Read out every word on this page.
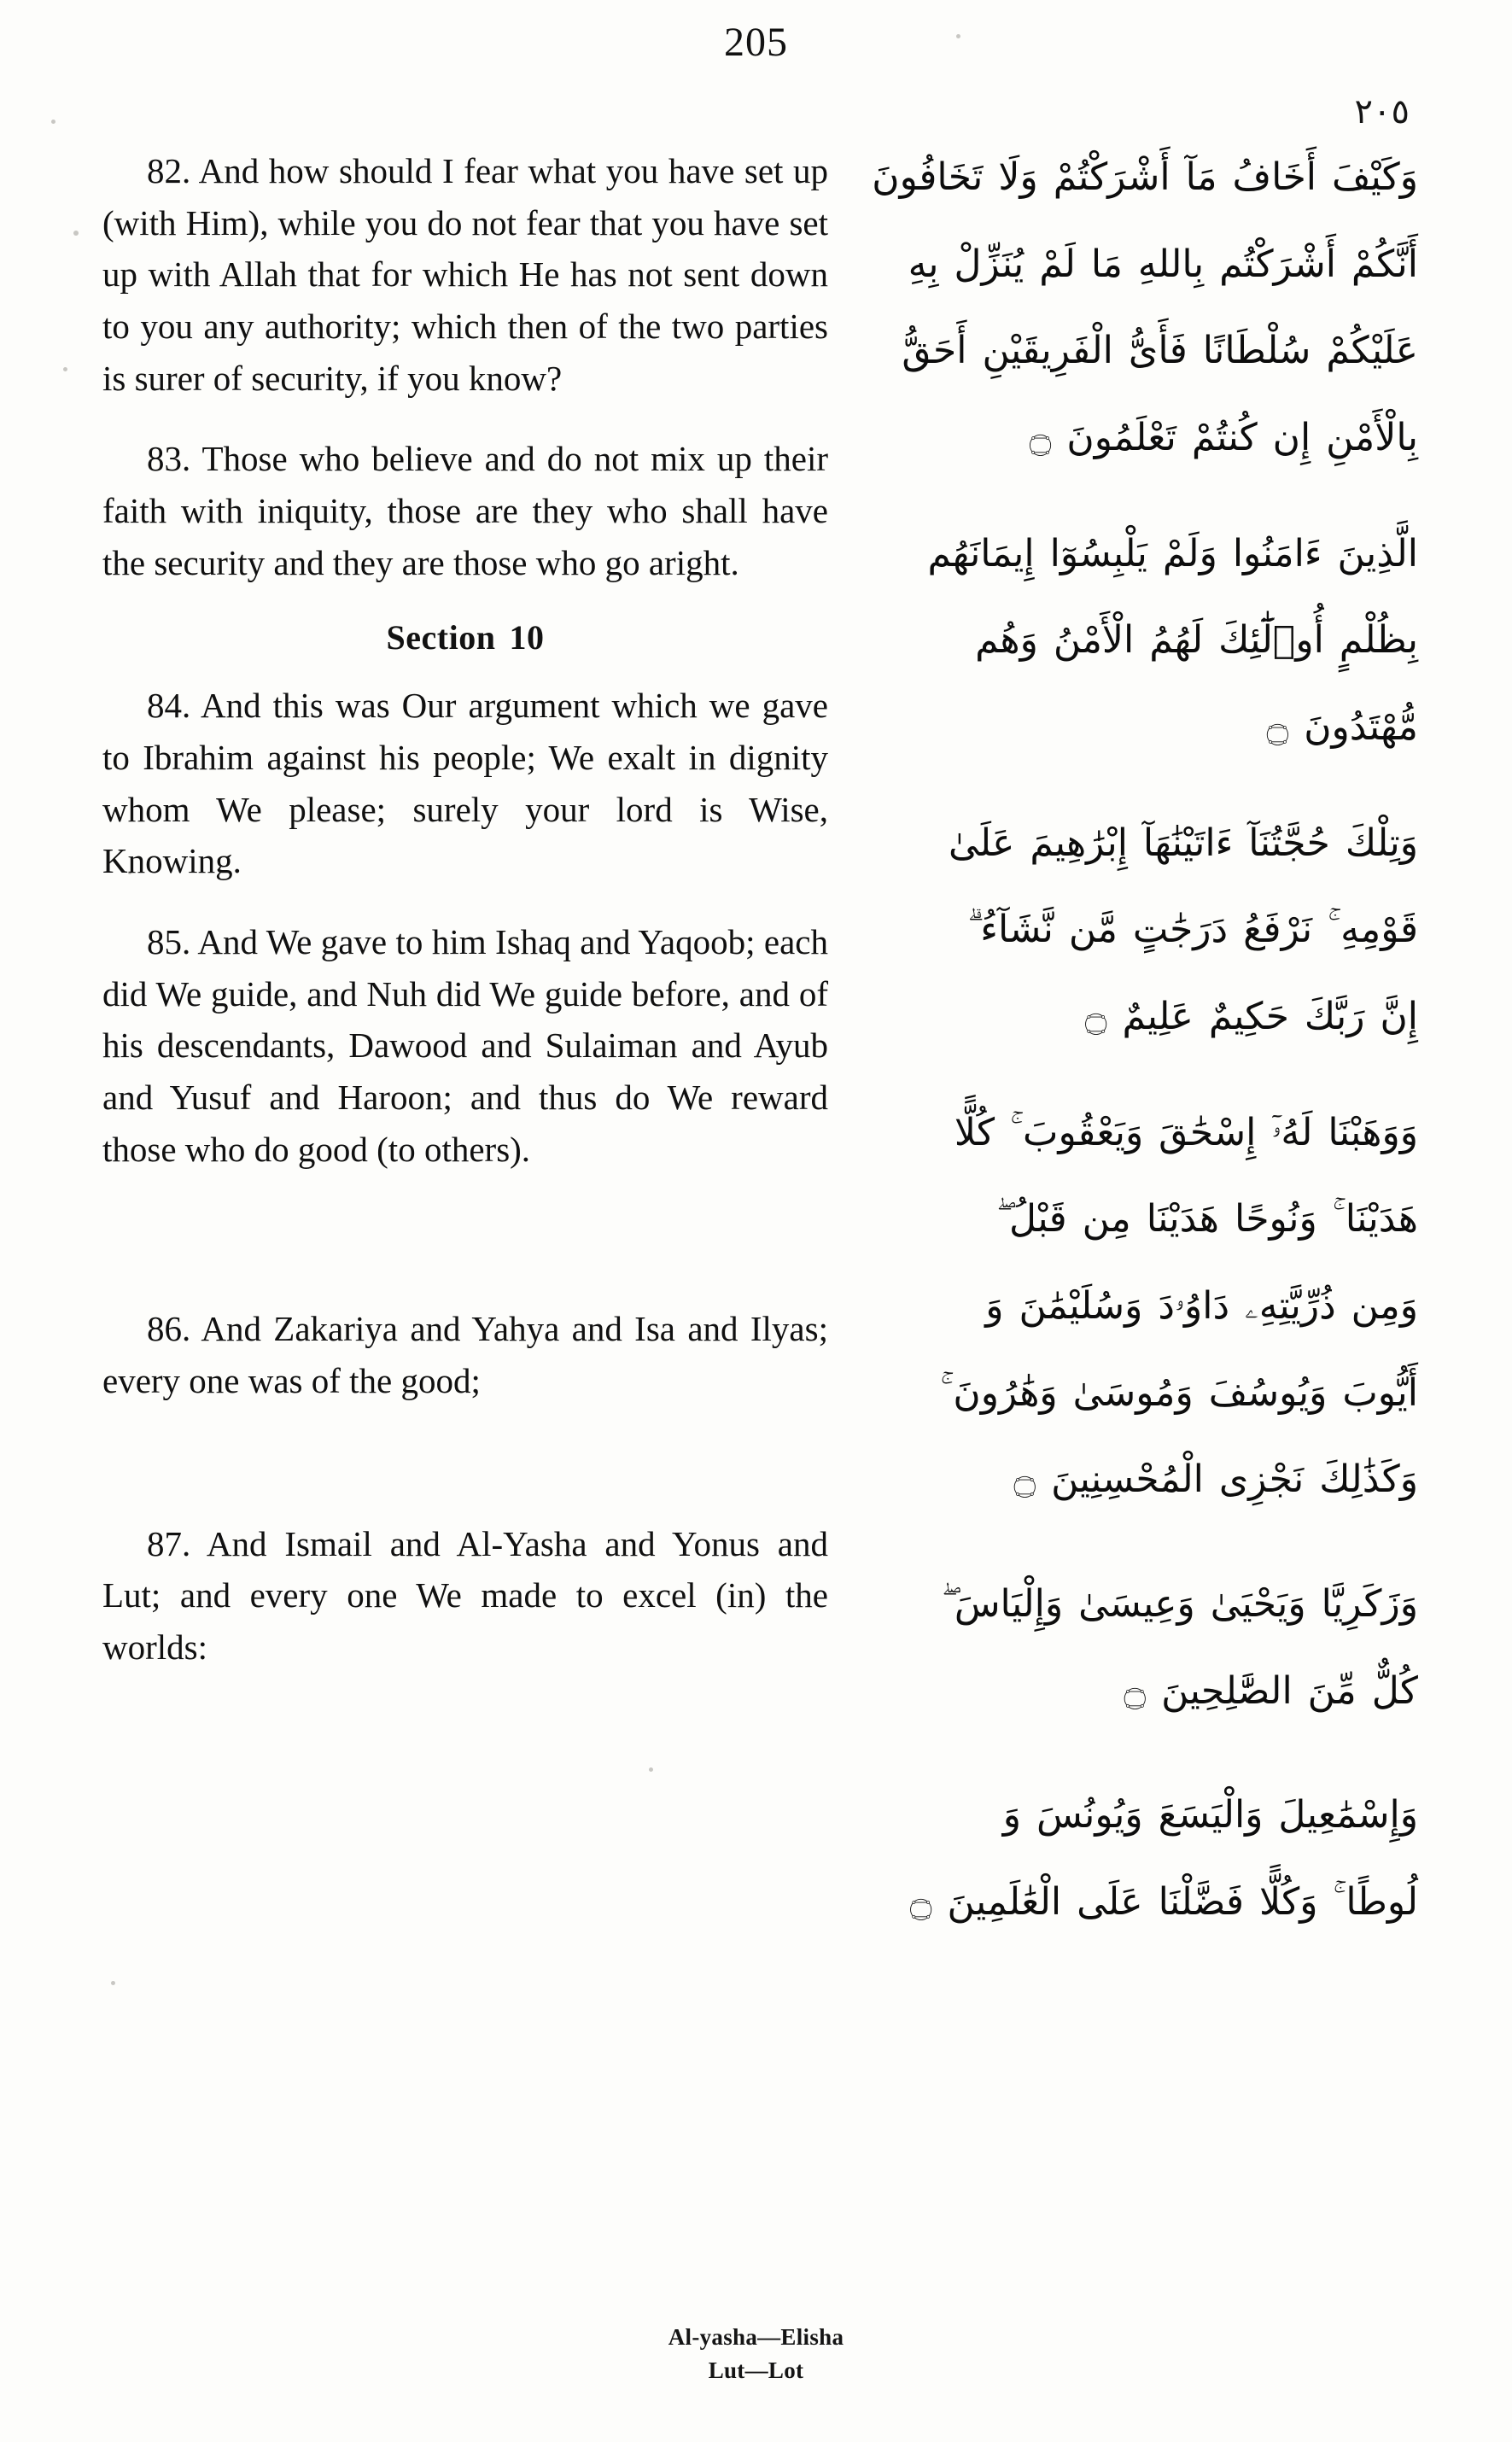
205
٢٠٥
82. And how should I fear what you have set up (with Him), while you do not fear that you have set up with Allah that for which He has not sent down to you any authority; which then of the two parties is surer of security, if you know?
83. Those who believe and do not mix up their faith with iniquity, those are they who shall have the security and they are those who go aright.
Section 10
84. And this was Our argument which we gave to Ibrahim against his people; We exalt in dignity whom We please; surely your lord is Wise, Knowing.
85. And We gave to him Ishaq and Yaqoob; each did We guide, and Nuh did We guide before, and of his descendants, Dawood and Sulaiman and Ayub and Yusuf and Haroon; and thus do We reward those who do good (to others).
86. And Zakariya and Yahya and Isa and Ilyas; every one was of the good;
87. And Ismail and Al-Yasha and Yonus and Lut; and every one We made to excel (in) the worlds:
وَكَيْفَ أَخَافُ مَآ أَشْرَكْتُمْ وَلَا تَخَافُونَ
أَنَّكُمْ أَشْرَكْتُم بِاللهِ مَا لَمْ يُنَزِّلْ بِهِ
عَلَيْكُمْ سُلْطَانًا فَأَىُّ الْفَرِيقَيْنِ أَحَقُّ
بِالْأَمْنِ إِن كُنتُمْ تَعْلَمُونَ ۝
الَّذِينَ ءَامَنُوا وَلَمْ يَلْبِسُوٓا إِيمَانَهُم
بِظُلْمٍ أُو۟لَٰٓئِكَ لَهُمُ الْأَمْنُ وَهُم
مُّهْتَدُونَ ۝
وَتِلْكَ حُجَّتُنَآ ءَاتَيْنَٰهَآ إِبْرَٰهِيمَ عَلَىٰ
قَوْمِهِ ۚ نَرْفَعُ دَرَجَٰتٍ مَّن نَّشَآءُ ۗ
إِنَّ رَبَّكَ حَكِيمٌ عَلِيمٌ ۝
وَوَهَبْنَا لَهُۥٓ إِسْحَٰقَ وَيَعْقُوبَ ۚ كُلًّا
هَدَيْنَا ۚ وَنُوحًا هَدَيْنَا مِن قَبْلُ ۖ
وَمِن ذُرِّيَّتِهِۦ دَاوُۥدَ وَسُلَيْمَٰنَ وَ
أَيُّوبَ وَيُوسُفَ وَمُوسَىٰ وَهَٰرُونَ ۚ
وَكَذَٰلِكَ نَجْزِى الْمُحْسِنِينَ ۝
وَزَكَرِيَّا وَيَحْيَىٰ وَعِيسَىٰ وَإِلْيَاسَ ۖ
كُلٌّ مِّنَ الصَّٰلِحِينَ ۝
وَإِسْمَٰعِيلَ وَالْيَسَعَ وَيُونُسَ وَ
لُوطًا ۚ وَكُلًّا فَضَّلْنَا عَلَى الْعَٰلَمِينَ ۝
Al-yasha—Elisha
Lut—Lot
